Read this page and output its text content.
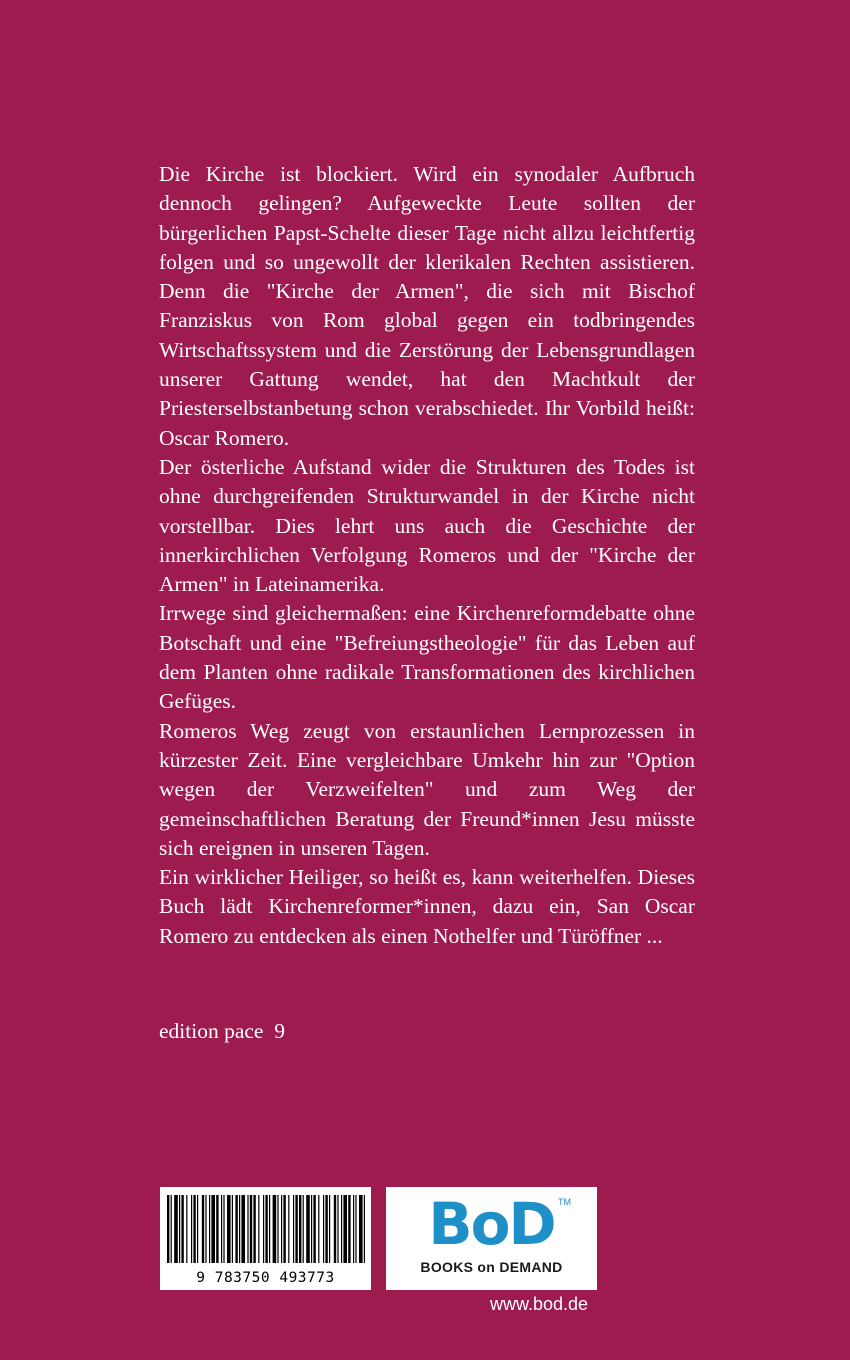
Die Kirche ist blockiert. Wird ein synodaler Aufbruch dennoch gelingen? Aufgeweckte Leute sollten der bürgerlichen Papst-Schelte dieser Tage nicht allzu leichtfertig folgen und so ungewollt der klerikalen Rechten assistieren. Denn die "Kirche der Armen", die sich mit Bischof Franziskus von Rom global gegen ein todbringendes Wirtschaftssystem und die Zerstörung der Lebensgrundlagen unserer Gattung wendet, hat den Machtkult der Priesterselbstanbetung schon verabschiedet. Ihr Vorbild heißt: Oscar Romero.

Der österliche Aufstand wider die Strukturen des Todes ist ohne durchgreifenden Strukturwandel in der Kirche nicht vorstellbar. Dies lehrt uns auch die Geschichte der innerkirchlichen Verfolgung Romeros und der "Kirche der Armen" in Lateinamerika.

Irrwege sind gleichermaßen: eine Kirchenreformdebatte ohne Botschaft und eine "Befreiungstheologie" für das Leben auf dem Planten ohne radikale Transformationen des kirchlichen Gefüges.

Romeros Weg zeugt von erstaunlichen Lernprozessen in kürzester Zeit. Eine vergleichbare Umkehr hin zur "Option wegen der Verzweifelten" und zum Weg der gemeinschaftlichen Beratung der Freund*innen Jesu müsste sich ereignen in unseren Tagen.

Ein wirklicher Heiliger, so heißt es, kann weiterhelfen. Dieses Buch lädt Kirchenreformer*innen, dazu ein, San Oscar Romero zu entdecken als einen Nothelfer und Türöffner ...

edition pace  9
9 783750 493773
BoD TM
BOOKS on DEMAND
www.bod.de
